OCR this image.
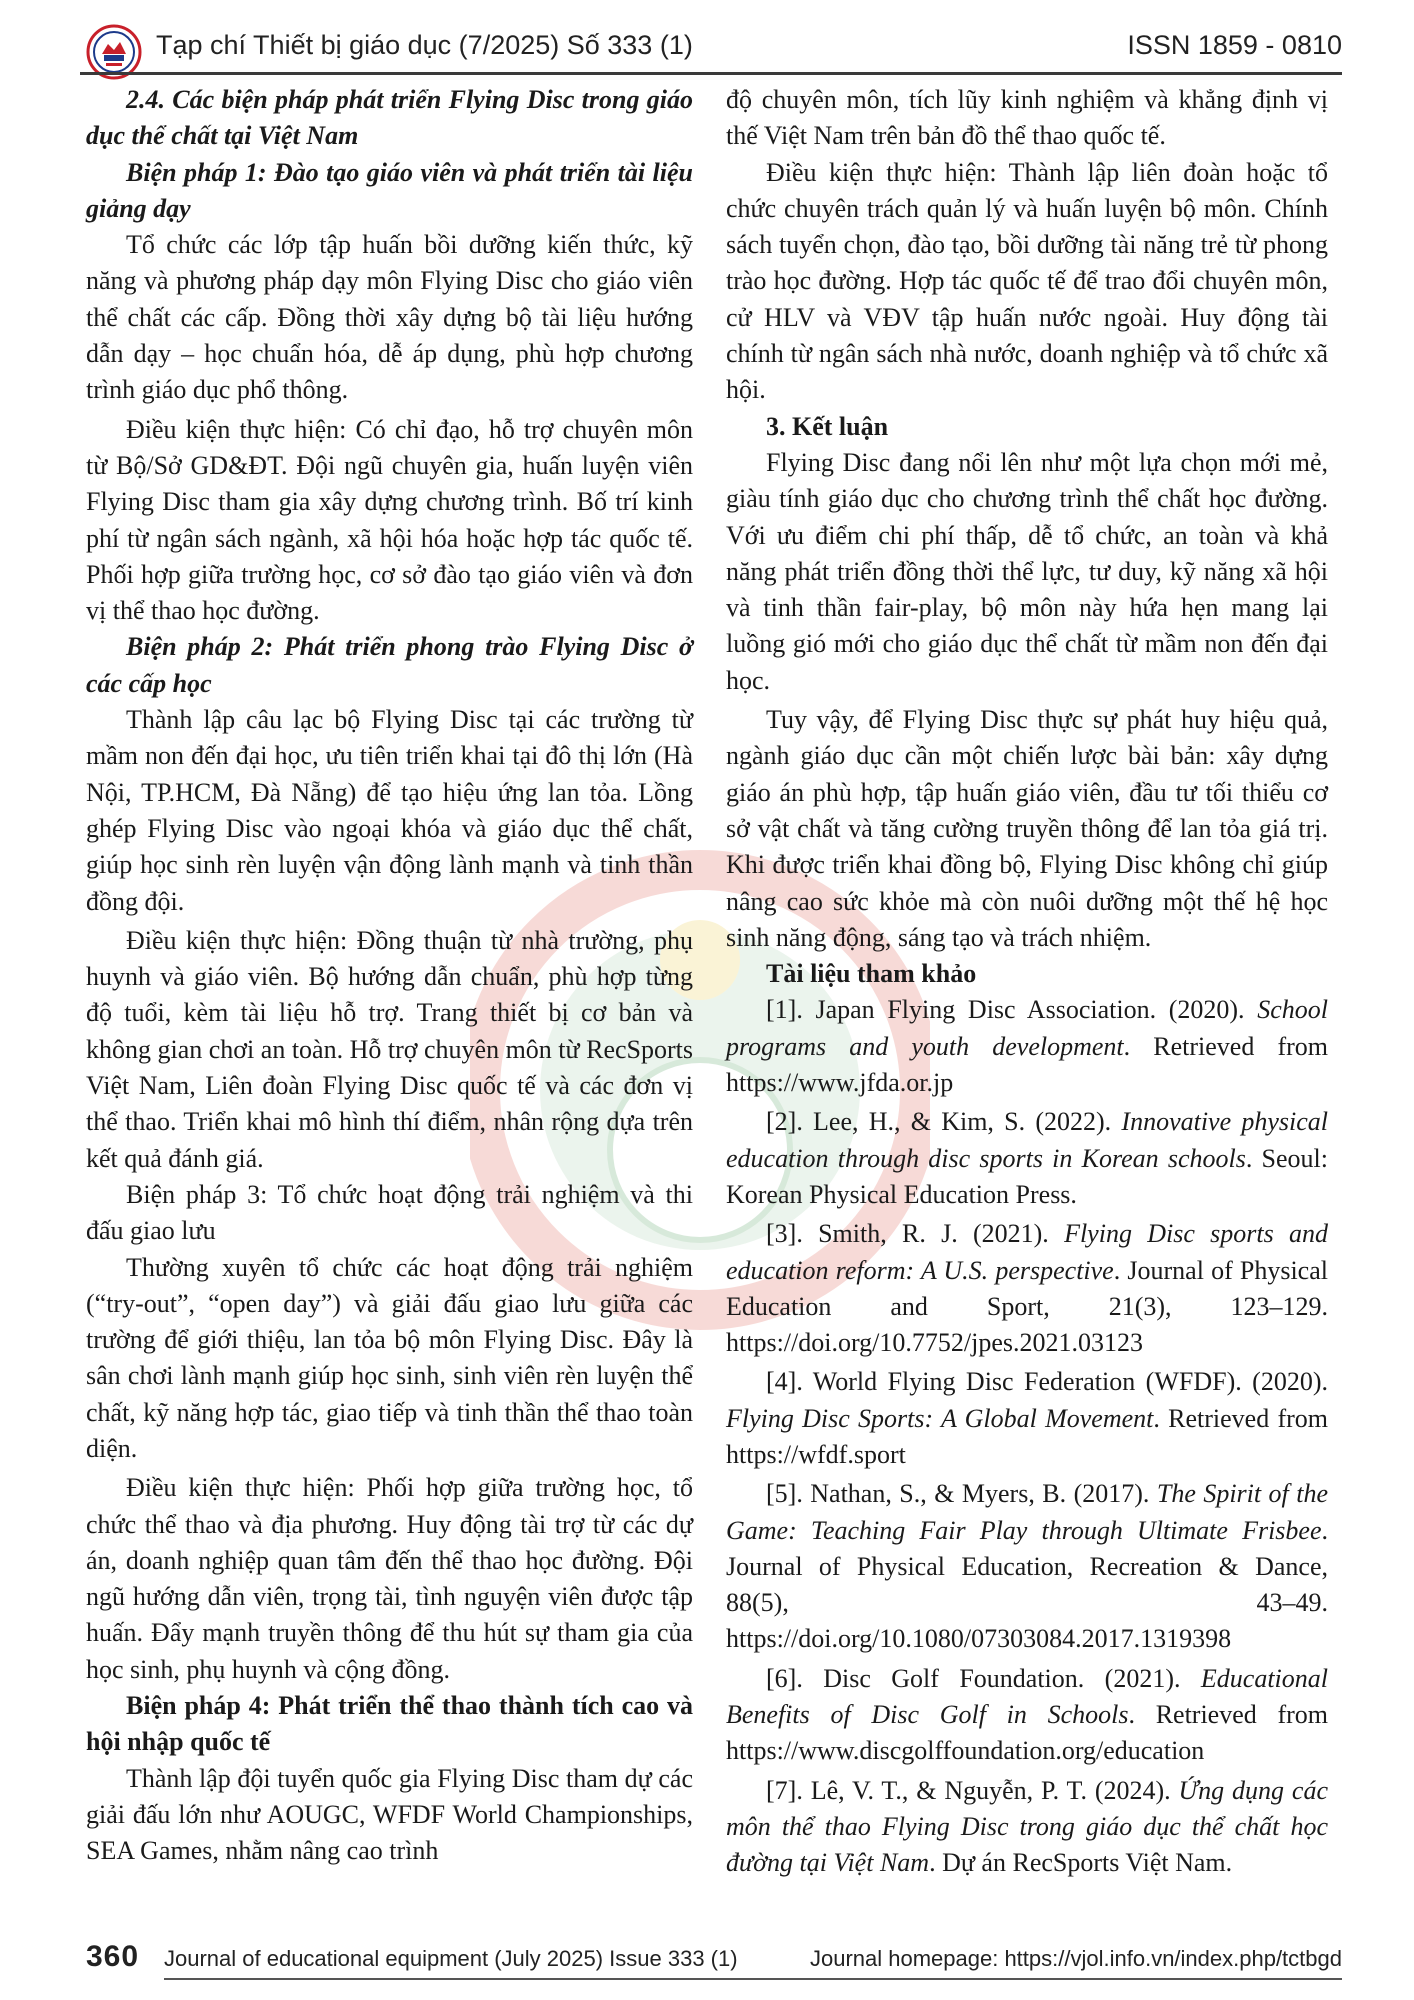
Tạp chí Thiết bị giáo dục (7/2025) Số 333 (1)	ISSN 1859 - 0810

2.4. Các biện pháp phát triển Flying Disc trong giáo dục thể chất tại Việt Nam

Biện pháp 1: Đào tạo giáo viên và phát triển tài liệu giảng dạy

Tổ chức các lớp tập huấn bồi dưỡng kiến thức, kỹ năng và phương pháp dạy môn Flying Disc cho giáo viên thể chất các cấp. Đồng thời xây dựng bộ tài liệu hướng dẫn dạy – học chuẩn hóa, dễ áp dụng, phù hợp chương trình giáo dục phổ thông.

Điều kiện thực hiện: Có chỉ đạo, hỗ trợ chuyên môn từ Bộ/Sở GD&ĐT. Đội ngũ chuyên gia, huấn luyện viên Flying Disc tham gia xây dựng chương trình. Bố trí kinh phí từ ngân sách ngành, xã hội hóa hoặc hợp tác quốc tế. Phối hợp giữa trường học, cơ sở đào tạo giáo viên và đơn vị thể thao học đường.

Biện pháp 2: Phát triển phong trào Flying Disc ở các cấp học

Thành lập câu lạc bộ Flying Disc tại các trường từ mầm non đến đại học, ưu tiên triển khai tại đô thị lớn (Hà Nội, TP.HCM, Đà Nẵng) để tạo hiệu ứng lan tỏa. Lồng ghép Flying Disc vào ngoại khóa và giáo dục thể chất, giúp học sinh rèn luyện vận động lành mạnh và tinh thần đồng đội.

Điều kiện thực hiện: Đồng thuận từ nhà trường, phụ huynh và giáo viên. Bộ hướng dẫn chuẩn, phù hợp từng độ tuổi, kèm tài liệu hỗ trợ. Trang thiết bị cơ bản và không gian chơi an toàn. Hỗ trợ chuyên môn từ RecSports Việt Nam, Liên đoàn Flying Disc quốc tế và các đơn vị thể thao. Triển khai mô hình thí điểm, nhân rộng dựa trên kết quả đánh giá.

Biện pháp 3: Tổ chức hoạt động trải nghiệm và thi đấu giao lưu

Thường xuyên tổ chức các hoạt động trải nghiệm (“try-out”, “open day”) và giải đấu giao lưu giữa các trường để giới thiệu, lan tỏa bộ môn Flying Disc. Đây là sân chơi lành mạnh giúp học sinh, sinh viên rèn luyện thể chất, kỹ năng hợp tác, giao tiếp và tinh thần thể thao toàn diện.

Điều kiện thực hiện: Phối hợp giữa trường học, tổ chức thể thao và địa phương. Huy động tài trợ từ các dự án, doanh nghiệp quan tâm đến thể thao học đường. Đội ngũ hướng dẫn viên, trọng tài, tình nguyện viên được tập huấn. Đẩy mạnh truyền thông để thu hút sự tham gia của học sinh, phụ huynh và cộng đồng.

Biện pháp 4: Phát triển thể thao thành tích cao và hội nhập quốc tế

Thành lập đội tuyển quốc gia Flying Disc tham dự các giải đấu lớn như AOUGC, WFDF World Championships, SEA Games, nhằm nâng cao trình

độ chuyên môn, tích lũy kinh nghiệm và khẳng định vị thế Việt Nam trên bản đồ thể thao quốc tế.

Điều kiện thực hiện: Thành lập liên đoàn hoặc tổ chức chuyên trách quản lý và huấn luyện bộ môn. Chính sách tuyển chọn, đào tạo, bồi dưỡng tài năng trẻ từ phong trào học đường. Hợp tác quốc tế để trao đổi chuyên môn, cử HLV và VĐV tập huấn nước ngoài. Huy động tài chính từ ngân sách nhà nước, doanh nghiệp và tổ chức xã hội.

3. Kết luận

Flying Disc đang nổi lên như một lựa chọn mới mẻ, giàu tính giáo dục cho chương trình thể chất học đường. Với ưu điểm chi phí thấp, dễ tổ chức, an toàn và khả năng phát triển đồng thời thể lực, tư duy, kỹ năng xã hội và tinh thần fair-play, bộ môn này hứa hẹn mang lại luồng gió mới cho giáo dục thể chất từ mầm non đến đại học.

Tuy vậy, để Flying Disc thực sự phát huy hiệu quả, ngành giáo dục cần một chiến lược bài bản: xây dựng giáo án phù hợp, tập huấn giáo viên, đầu tư tối thiểu cơ sở vật chất và tăng cường truyền thông để lan tỏa giá trị. Khi được triển khai đồng bộ, Flying Disc không chỉ giúp nâng cao sức khỏe mà còn nuôi dưỡng một thế hệ học sinh năng động, sáng tạo và trách nhiệm.

Tài liệu tham khảo

[1]. Japan Flying Disc Association. (2020). School programs and youth development. Retrieved from https://www.jfda.or.jp

[2]. Lee, H., & Kim, S. (2022). Innovative physical education through disc sports in Korean schools. Seoul: Korean Physical Education Press.

[3]. Smith, R. J. (2021). Flying Disc sports and education reform: A U.S. perspective. Journal of Physical Education and Sport, 21(3), 123–129. https://doi.org/10.7752/jpes.2021.03123

[4]. World Flying Disc Federation (WFDF). (2020). Flying Disc Sports: A Global Movement. Retrieved from https://wfdf.sport

[5]. Nathan, S., & Myers, B. (2017). The Spirit of the Game: Teaching Fair Play through Ultimate Frisbee. Journal of Physical Education, Recreation & Dance, 88(5), 43–49. https://doi.org/10.1080/07303084.2017.1319398

[6]. Disc Golf Foundation. (2021). Educational Benefits of Disc Golf in Schools. Retrieved from https://www.discgolffoundation.org/education

[7]. Lê, V. T., & Nguyễn, P. T. (2024). Ứng dụng các môn thể thao Flying Disc trong giáo dục thể chất học đường tại Việt Nam. Dự án RecSports Việt Nam.

360 Journal of educational equipment (July 2025) Issue 333 (1)	Journal homepage: https://vjol.info.vn/index.php/tctbgd
